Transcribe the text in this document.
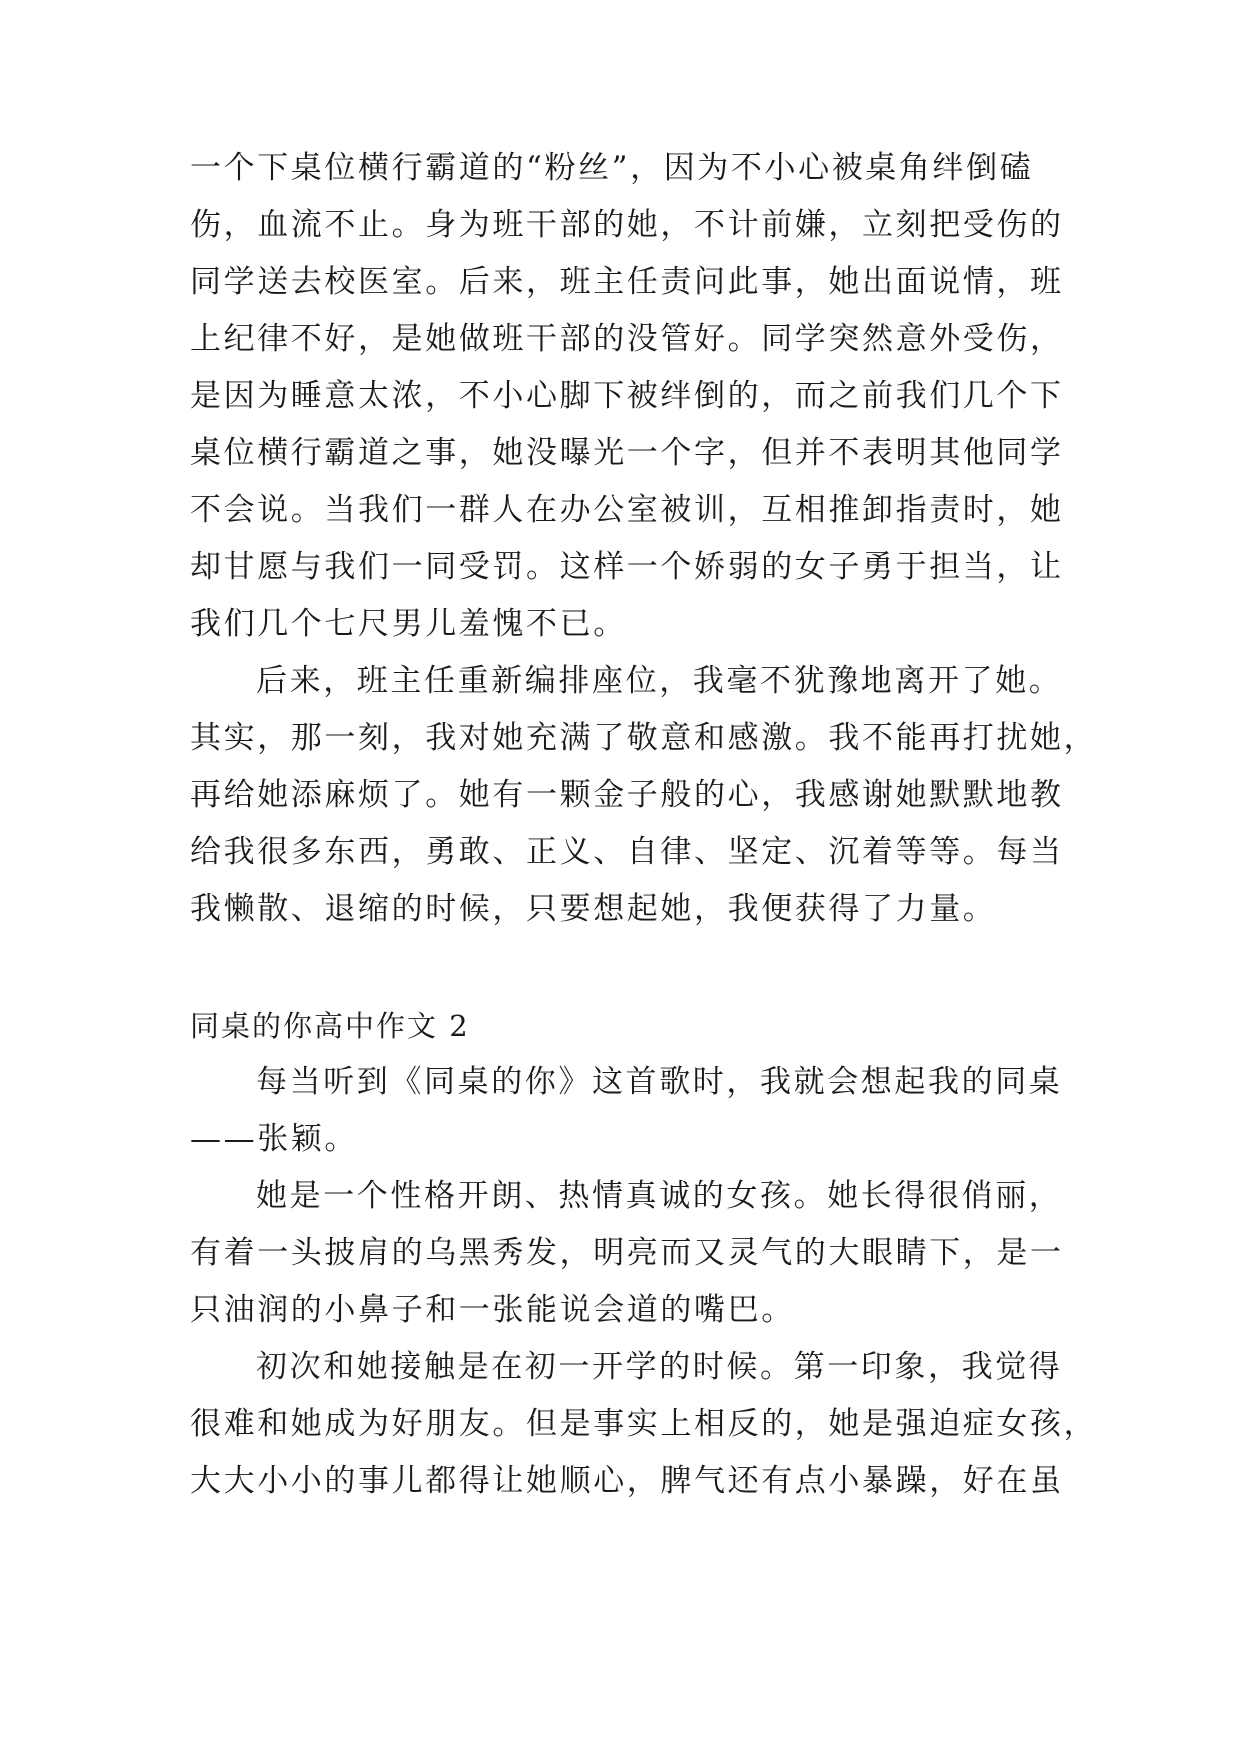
一个下桌位横行霸道的“粉丝”，因为不小心被桌角绊倒磕
伤，血流不止。身为班干部的她，不计前嫌，立刻把受伤的
同学送去校医室。后来，班主任责问此事，她出面说情，班
上纪律不好，是她做班干部的没管好。同学突然意外受伤，
是因为睡意太浓，不小心脚下被绊倒的，而之前我们几个下
桌位横行霸道之事，她没曝光一个字，但并不表明其他同学
不会说。当我们一群人在办公室被训，互相推卸指责时，她
却甘愿与我们一同受罚。这样一个娇弱的女子勇于担当，让
我们几个七尺男儿羞愧不已。
后来，班主任重新编排座位，我毫不犹豫地离开了她。
其实，那一刻，我对她充满了敬意和感激。我不能再打扰她，
再给她添麻烦了。她有一颗金子般的心，我感谢她默默地教
给我很多东西，勇敢、正义、自律、坚定、沉着等等。每当
我懒散、退缩的时候，只要想起她，我便获得了力量。
同桌的你高中作文 2
每当听到《同桌的你》这首歌时，我就会想起我的同桌
——张颖。
她是一个性格开朗、热情真诚的女孩。她长得很俏丽，
有着一头披肩的乌黑秀发，明亮而又灵气的大眼睛下，是一
只油润的小鼻子和一张能说会道的嘴巴。
初次和她接触是在初一开学的时候。第一印象，我觉得
很难和她成为好朋友。但是事实上相反的，她是强迫症女孩，
大大小小的事儿都得让她顺心，脾气还有点小暴躁，好在虽
